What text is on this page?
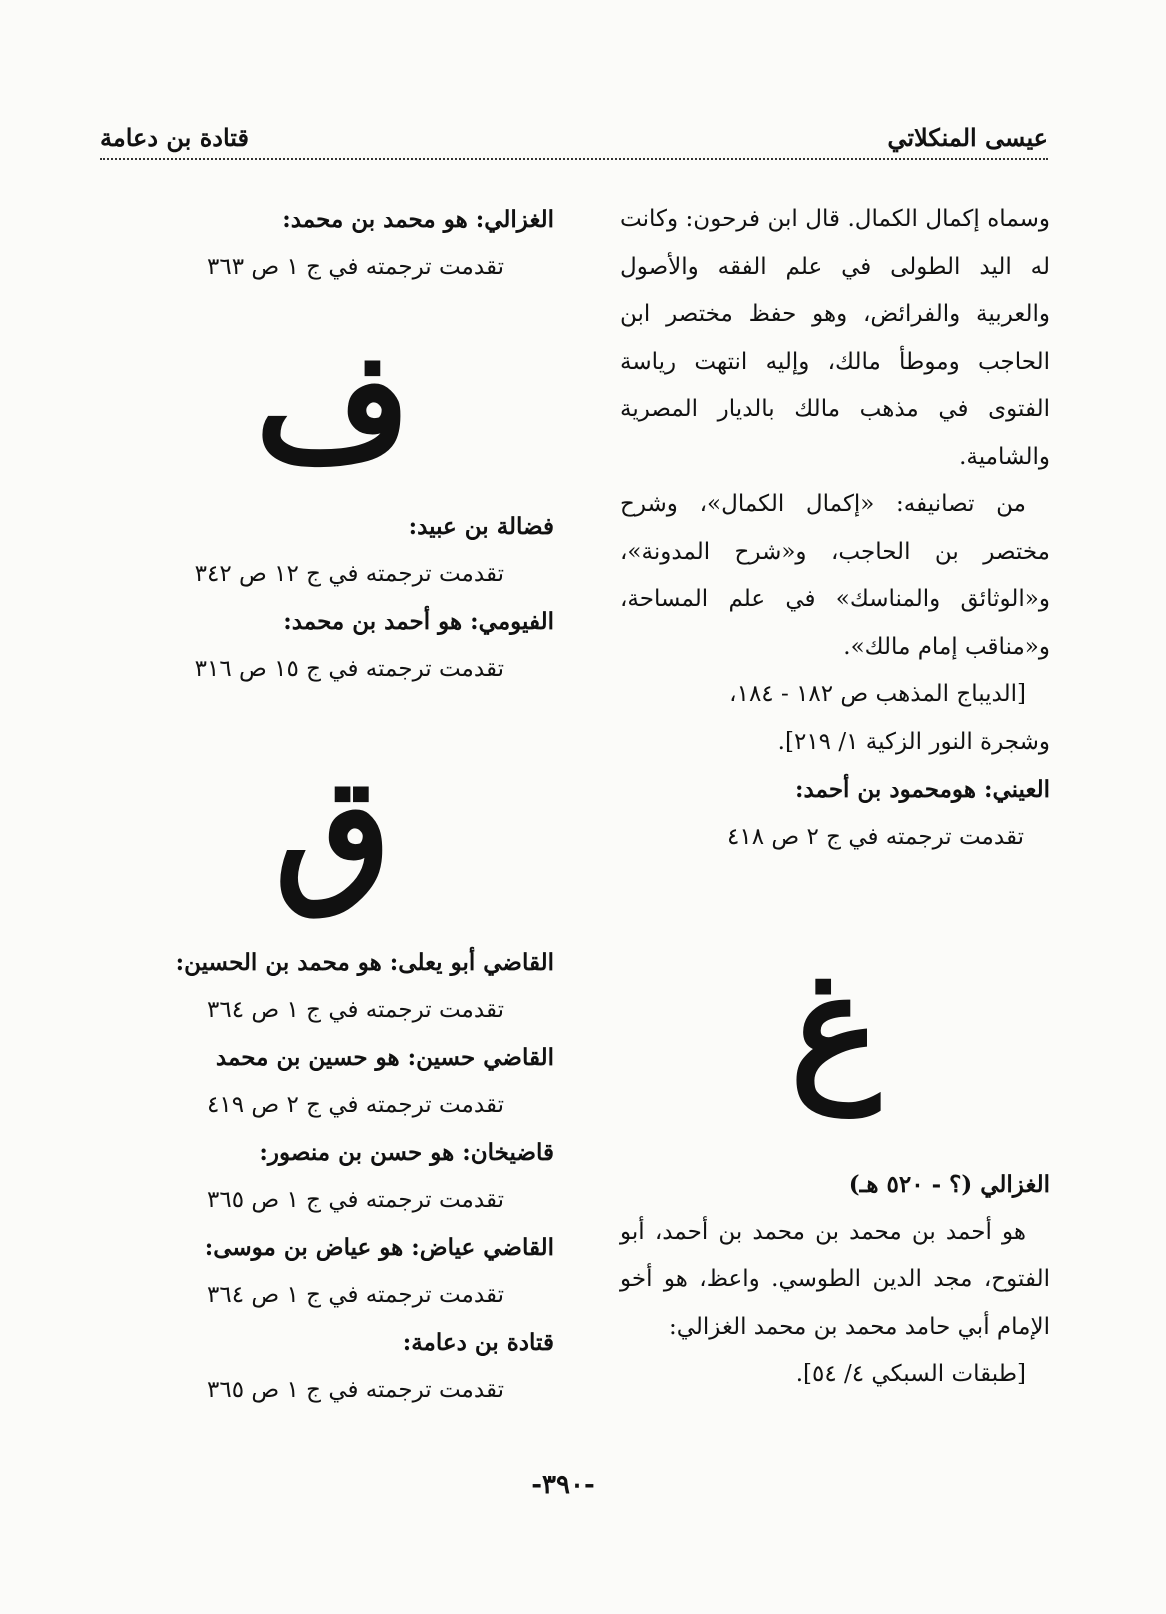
عيسى المنكلاتي
قتادة بن دعامة

وسماه إكمال الكمال. قال ابن فرحون: وكانت له اليد الطولى في علم الفقه والأصول والعربية والفرائض، وهو حفظ مختصر ابن الحاجب وموطأ مالك، وإليه انتهت رياسة الفتوى في مذهب مالك بالديار المصرية والشامية.

من تصانيفه: «إكمال الكمال»، وشرح مختصر بن الحاجب، و«شرح المدونة»، و«الوثائق والمناسك» في علم المساحة، و«مناقب إمام مالك».

[الديباج المذهب ص ١٨٢ - ١٨٤،

وشجرة النور الزكية ١/ ٢١٩].

العيني: هومحمود بن أحمد:

تقدمت ترجمته في ج ٢ ص ٤١٨

غ

الغزالي (؟ - ٥٢٠ هـ)

هو أحمد بن محمد بن محمد بن أحمد، أبو الفتوح، مجد الدين الطوسي. واعظ، هو أخو الإمام أبي حامد محمد بن محمد الغزالي:

[طبقات السبكي ٤/ ٥٤].

الغزالي: هو محمد بن محمد:

تقدمت ترجمته في ج ١ ص ٣٦٣

ف

فضالة بن عبيد:

تقدمت ترجمته في ج ١٢ ص ٣٤٢

الفيومي: هو أحمد بن محمد:

تقدمت ترجمته في ج ١٥ ص ٣١٦

ق

القاضي أبو يعلى: هو محمد بن الحسين:

تقدمت ترجمته في ج ١ ص ٣٦٤

القاضي حسين: هو حسين بن محمد

تقدمت ترجمته في ج ٢ ص ٤١٩

قاضيخان: هو حسن بن منصور:

تقدمت ترجمته في ج ١ ص ٣٦٥

القاضي عياض: هو عياض بن موسى:

تقدمت ترجمته في ج ١ ص ٣٦٤

قتادة بن دعامة:

تقدمت ترجمته في ج ١ ص ٣٦٥

-٣٩٠-
